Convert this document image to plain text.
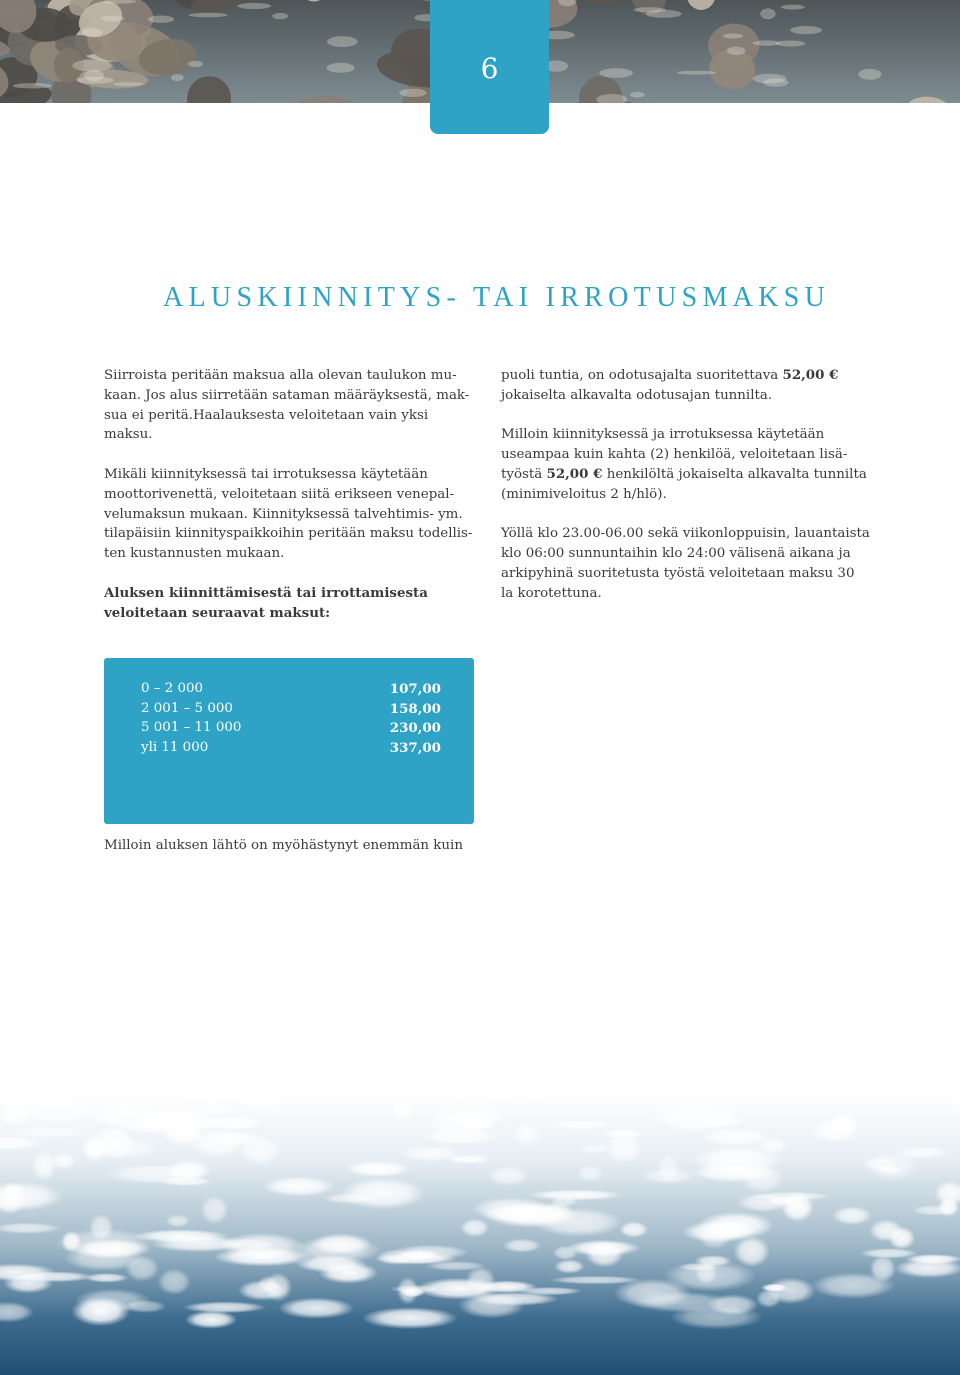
6
ALUSKIINNITYS- TAI IRROTUSMAKSU

Siirroista peritään maksua alla olevan taulukon mu-
kaan. Jos alus siirretään sataman määräyksestä, mak-
sua ei peritä.Haalauksesta veloitetaan vain yksi maksu.

Mikäli kiinnityksessä tai irrotuksessa käytetään
moottorivenettä, veloitetaan siitä erikseen venepal-
velumaksun mukaan. Kiinnityksessä talvehtimis- ym.
tilapäisiin kiinnityspaikkoihin peritään maksu todellis-
ten kustannusten mukaan.

Aluksen kiinnittämisestä tai irrottamisesta
veloitetaan seuraavat maksut:

puoli tuntia, on odotusajalta suoritettava 52,00 €
jokaiselta alkavalta odotusajan tunnilta.

Milloin kiinnityksessä ja irrotuksessa käytetään
useampaa kuin kahta (2) henkilöä, veloitetaan lisä-
työstä 52,00 € henkilöltä jokaiselta alkavalta tunnilta
(minimiveloitus 2 h/hlö).

Yöllä klo 23.00-06.00 sekä viikonloppuisin, lauantaista
klo 06:00 sunnuntaihin klo 24:00 välisenä aikana ja
arkipyhinä suoritetusta työstä veloitetaan maksu 30
la korotettuna.

0 – 2 000	107,00
2 001 – 5 000	158,00
5 001 – 11 000	230,00
yli 11 000	337,00
Milloin aluksen lähtö on myöhästynyt enemmän kuin
